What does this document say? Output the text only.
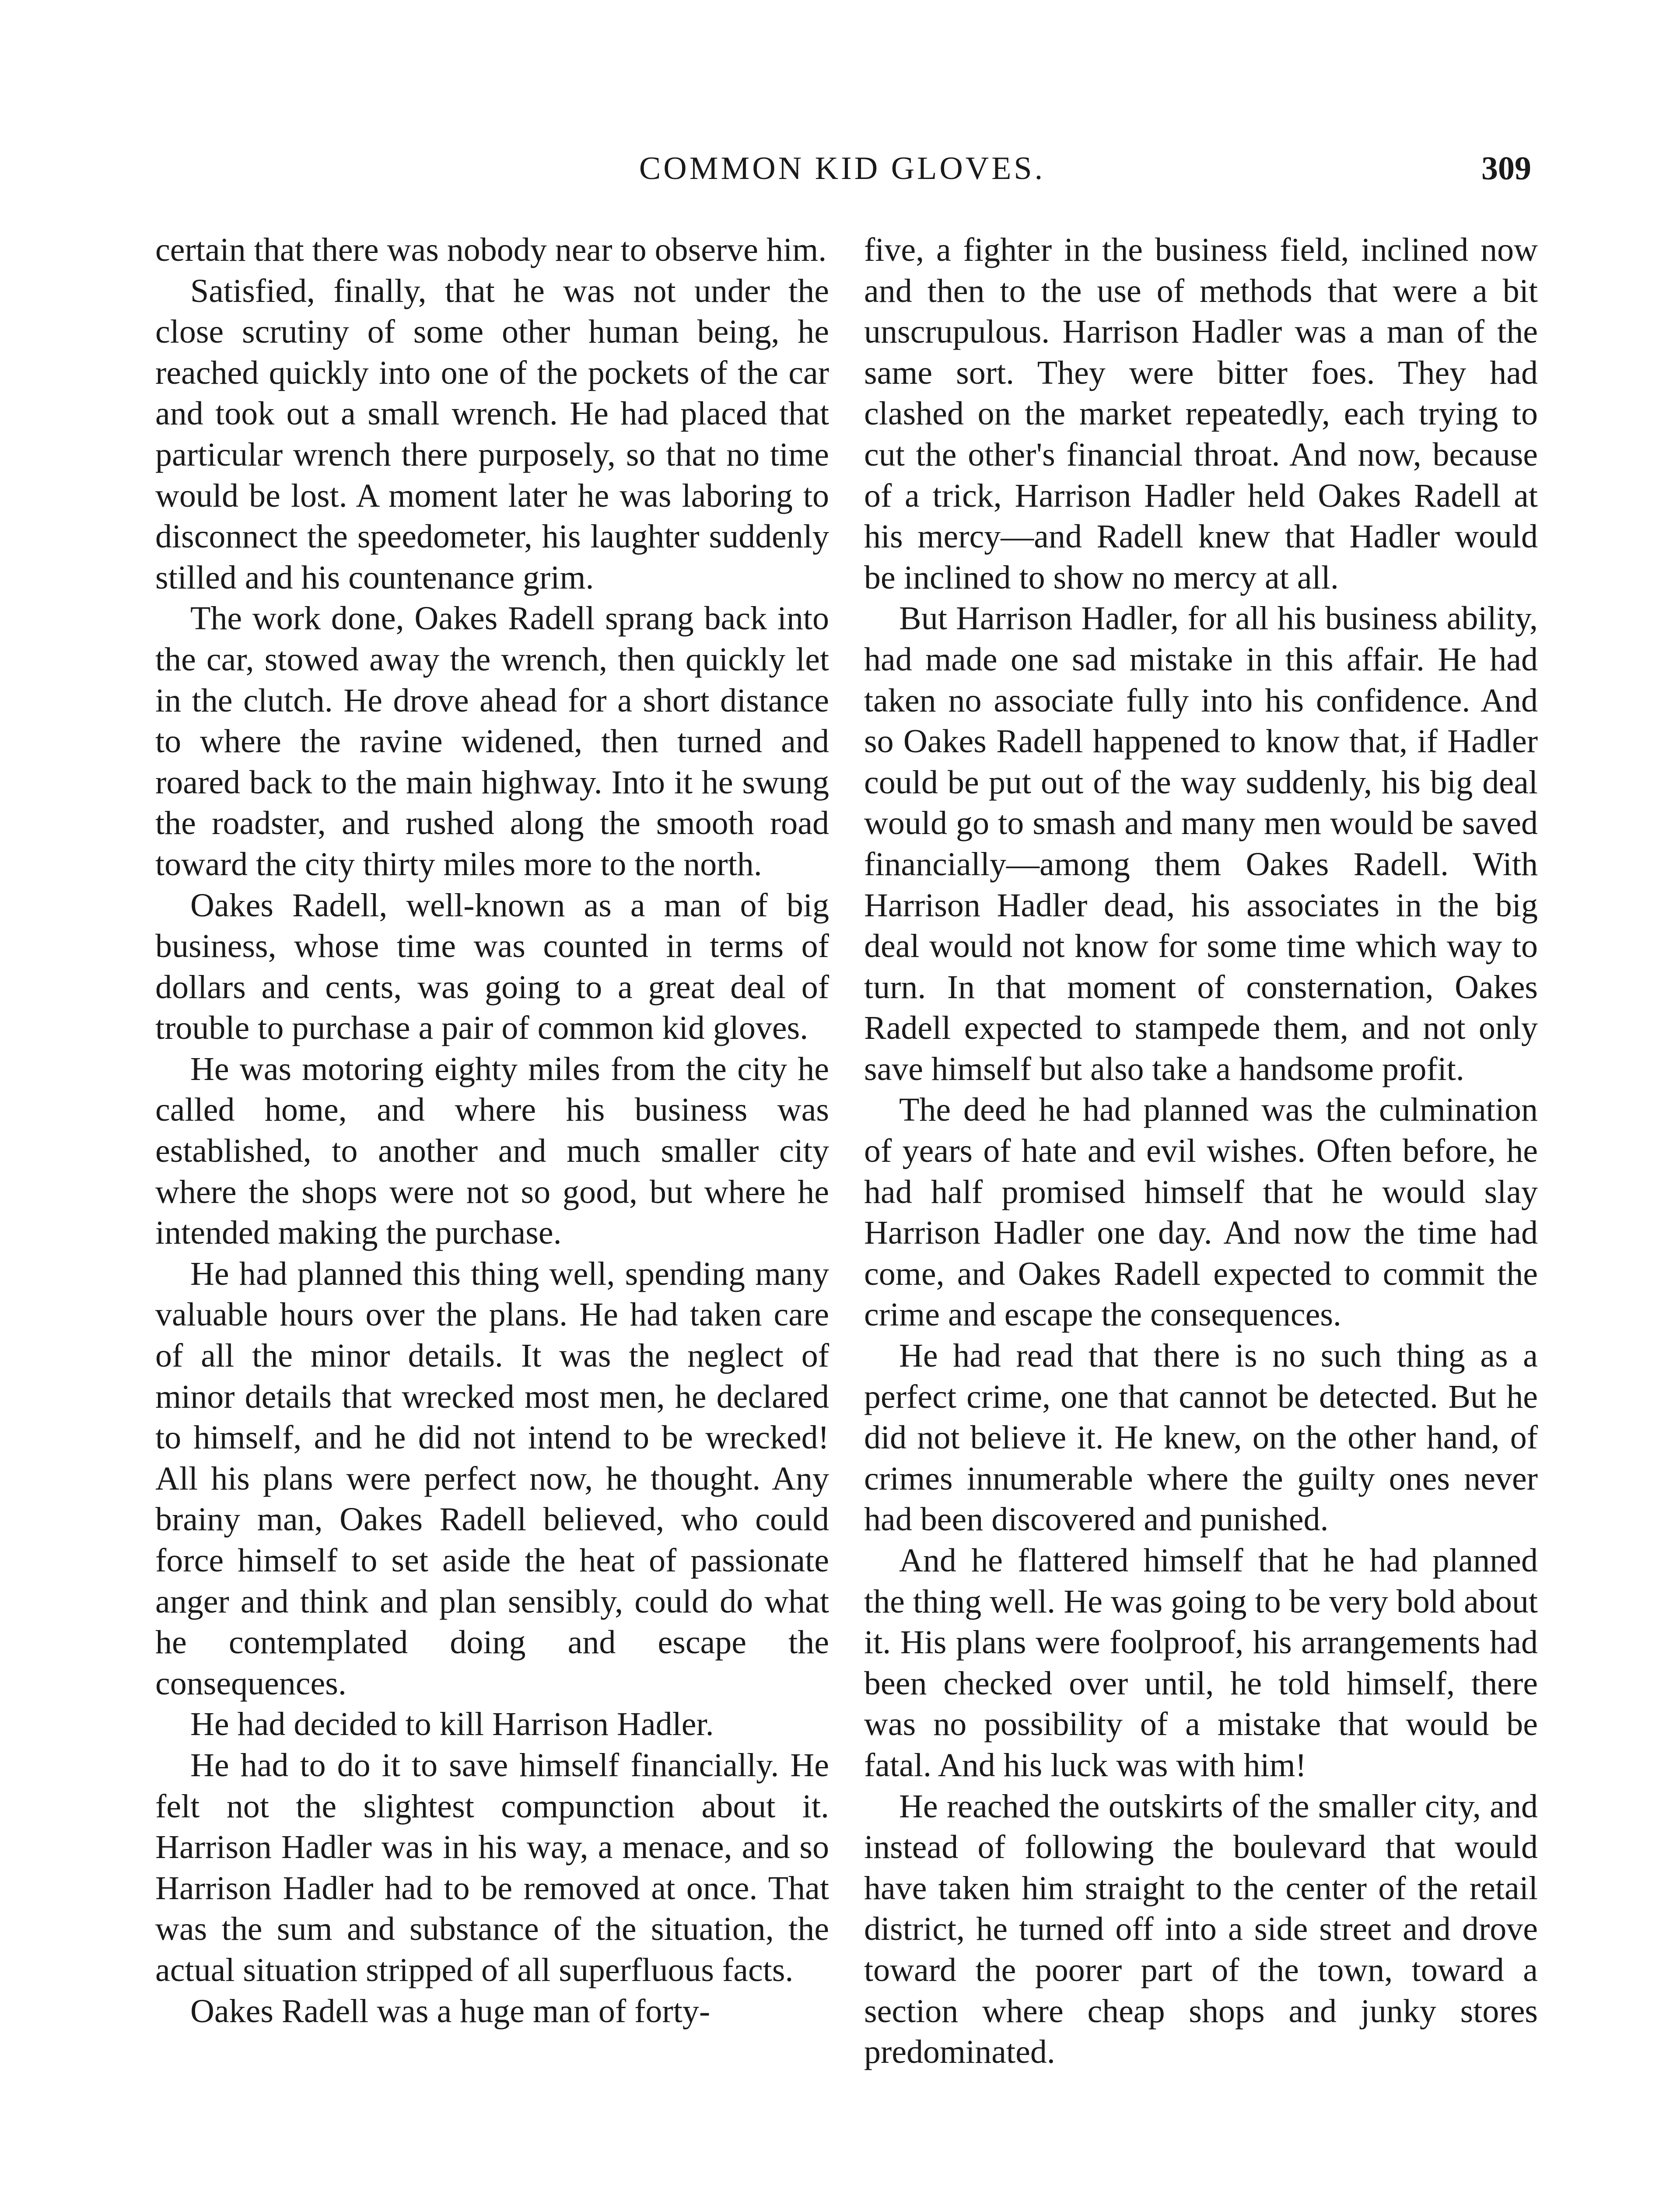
COMMON KID GLOVES.	309

certain that there was nobody near to observe him.

Satisfied, finally, that he was not under the close scrutiny of some other human being, he reached quickly into one of the pockets of the car and took out a small wrench. He had placed that particular wrench there purposely, so that no time would be lost. A moment later he was laboring to disconnect the speedometer, his laughter suddenly stilled and his countenance grim.

The work done, Oakes Radell sprang back into the car, stowed away the wrench, then quickly let in the clutch. He drove ahead for a short distance to where the ravine widened, then turned and roared back to the main highway. Into it he swung the roadster, and rushed along the smooth road toward the city thirty miles more to the north.

Oakes Radell, well-known as a man of big business, whose time was counted in terms of dollars and cents, was going to a great deal of trouble to purchase a pair of common kid gloves.

He was motoring eighty miles from the city he called home, and where his business was established, to another and much smaller city where the shops were not so good, but where he intended making the purchase.

He had planned this thing well, spending many valuable hours over the plans. He had taken care of all the minor details. It was the neglect of minor details that wrecked most men, he declared to himself, and he did not intend to be wrecked! All his plans were perfect now, he thought. Any brainy man, Oakes Radell believed, who could force himself to set aside the heat of passionate anger and think and plan sensibly, could do what he contemplated doing and escape the consequences.

He had decided to kill Harrison Hadler.

He had to do it to save himself financially. He felt not the slightest compunction about it. Harrison Hadler was in his way, a menace, and so Harrison Hadler had to be removed at once. That was the sum and substance of the situation, the actual situation stripped of all superfluous facts.

Oakes Radell was a huge man of forty-

five, a fighter in the business field, inclined now and then to the use of methods that were a bit unscrupulous. Harrison Hadler was a man of the same sort. They were bitter foes. They had clashed on the market repeatedly, each trying to cut the other's financial throat. And now, because of a trick, Harrison Hadler held Oakes Radell at his mercy—and Radell knew that Hadler would be inclined to show no mercy at all.

But Harrison Hadler, for all his business ability, had made one sad mistake in this affair. He had taken no associate fully into his confidence. And so Oakes Radell happened to know that, if Hadler could be put out of the way suddenly, his big deal would go to smash and many men would be saved financially—among them Oakes Radell. With Harrison Hadler dead, his associates in the big deal would not know for some time which way to turn. In that moment of consternation, Oakes Radell expected to stampede them, and not only save himself but also take a handsome profit.

The deed he had planned was the culmination of years of hate and evil wishes. Often before, he had half promised himself that he would slay Harrison Hadler one day. And now the time had come, and Oakes Radell expected to commit the crime and escape the consequences.

He had read that there is no such thing as a perfect crime, one that cannot be detected. But he did not believe it. He knew, on the other hand, of crimes innumerable where the guilty ones never had been discovered and punished.

And he flattered himself that he had planned the thing well. He was going to be very bold about it. His plans were foolproof, his arrangements had been checked over until, he told himself, there was no possibility of a mistake that would be fatal. And his luck was with him!

He reached the outskirts of the smaller city, and instead of following the boulevard that would have taken him straight to the center of the retail district, he turned off into a side street and drove toward the poorer part of the town, toward a section where cheap shops and junky stores predominated.
